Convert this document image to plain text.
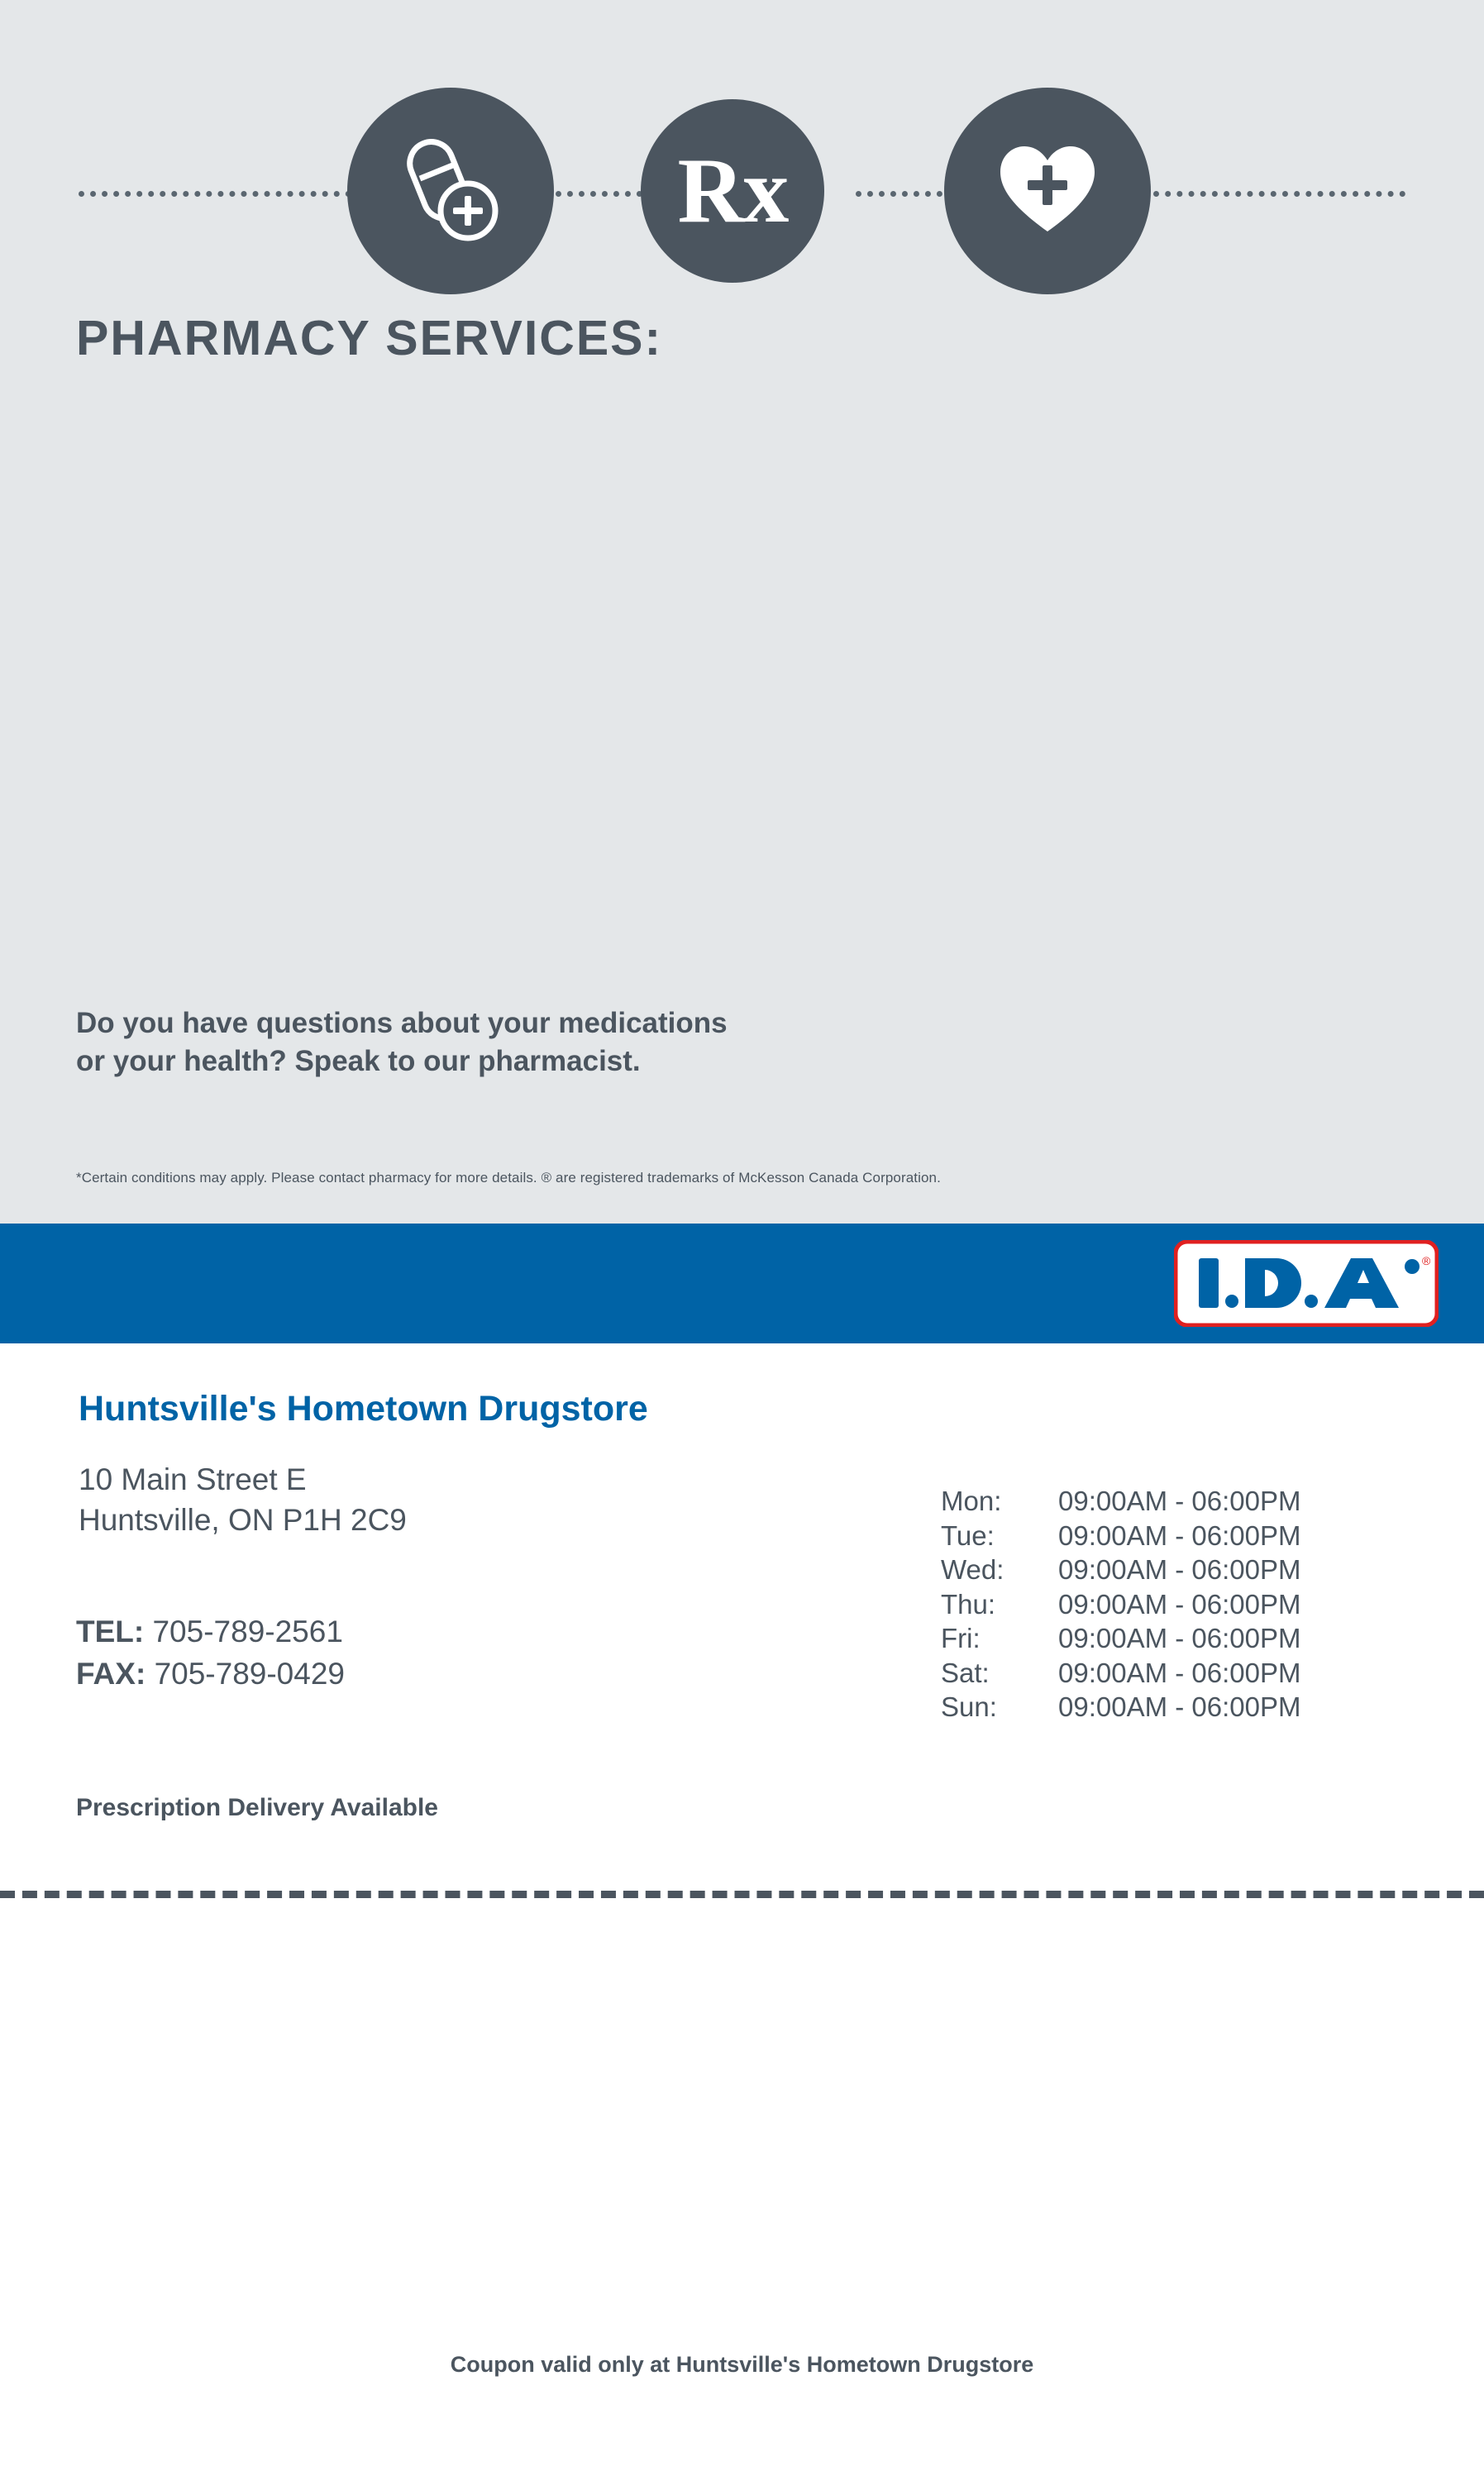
Rx
PHARMACY SERVICES:
Do you have questions about your medications
or your health? Speak to our pharmacist.
*Certain conditions may apply. Please contact pharmacy for more details. ® are registered trademarks of McKesson Canada Corporation.
®
Huntsville's Hometown Drugstore
10 Main Street E
Huntsville, ON P1H 2C9
TEL: 705-789-2561
FAX: 705-789-0429
Prescription Delivery Available
Mon:	09:00AM - 06:00PM
Tue:	09:00AM - 06:00PM
Wed:	09:00AM - 06:00PM
Thu:	09:00AM - 06:00PM
Fri:	09:00AM - 06:00PM
Sat:	09:00AM - 06:00PM
Sun:	09:00AM - 06:00PM
Coupon valid only at Huntsville's Hometown Drugstore
